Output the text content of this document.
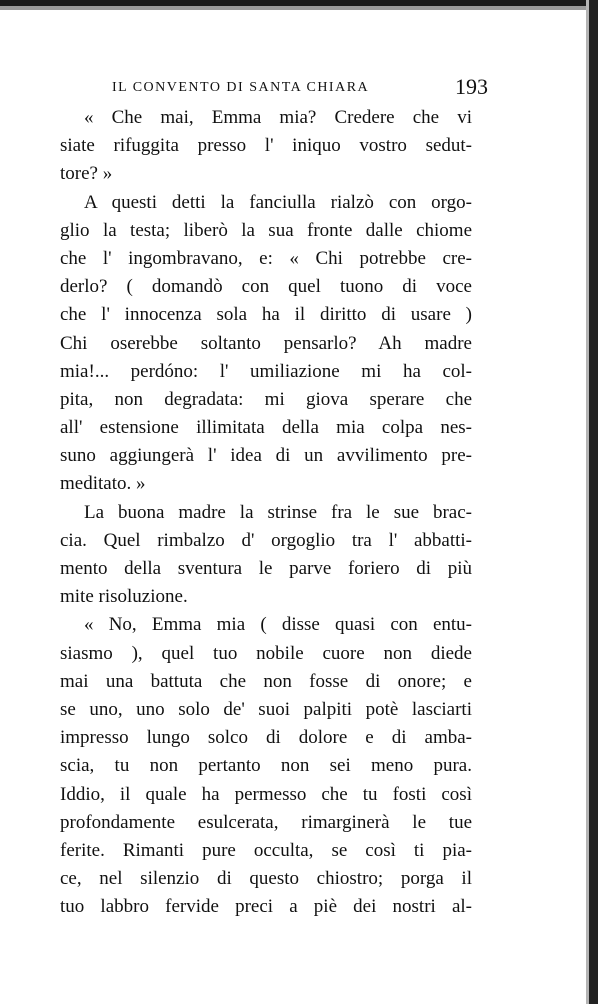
IL CONVENTO DI SANTA CHIARA	193
« Che mai, Emma mia? Credere che vi
siate rifuggita presso l' iniquo vostro sedut-
tore? »
A questi detti la fanciulla rialzò con orgo-
glio la testa; liberò la sua fronte dalle chiome
che l' ingombravano, e: « Chi potrebbe cre-
derlo? ( domandò con quel tuono di voce
che l' innocenza sola ha il diritto di usare )
Chi oserebbe soltanto pensarlo? Ah madre
mia!... perdóno: l' umiliazione mi ha col-
pita, non degradata: mi giova sperare che
all' estensione illimitata della mia colpa nes-
suno aggiungerà l' idea di un avvilimento pre-
meditato. »
La buona madre la strinse fra le sue brac-
cia. Quel rimbalzo d' orgoglio tra l' abbatti-
mento della sventura le parve foriero di più
mite risoluzione.
« No, Emma mia ( disse quasi con entu-
siasmo ), quel tuo nobile cuore non diede
mai una battuta che non fosse di onore; e
se uno, uno solo de' suoi palpiti potè lasciarti
impresso lungo solco di dolore e di amba-
scia, tu non pertanto non sei meno pura.
Iddio, il quale ha permesso che tu fosti così
profondamente esulcerata, rimarginerà le tue
ferite. Rimanti pure occulta, se così ti pia-
ce, nel silenzio di questo chiostro; porga il
tuo labbro fervide preci a piè dei nostri al-
